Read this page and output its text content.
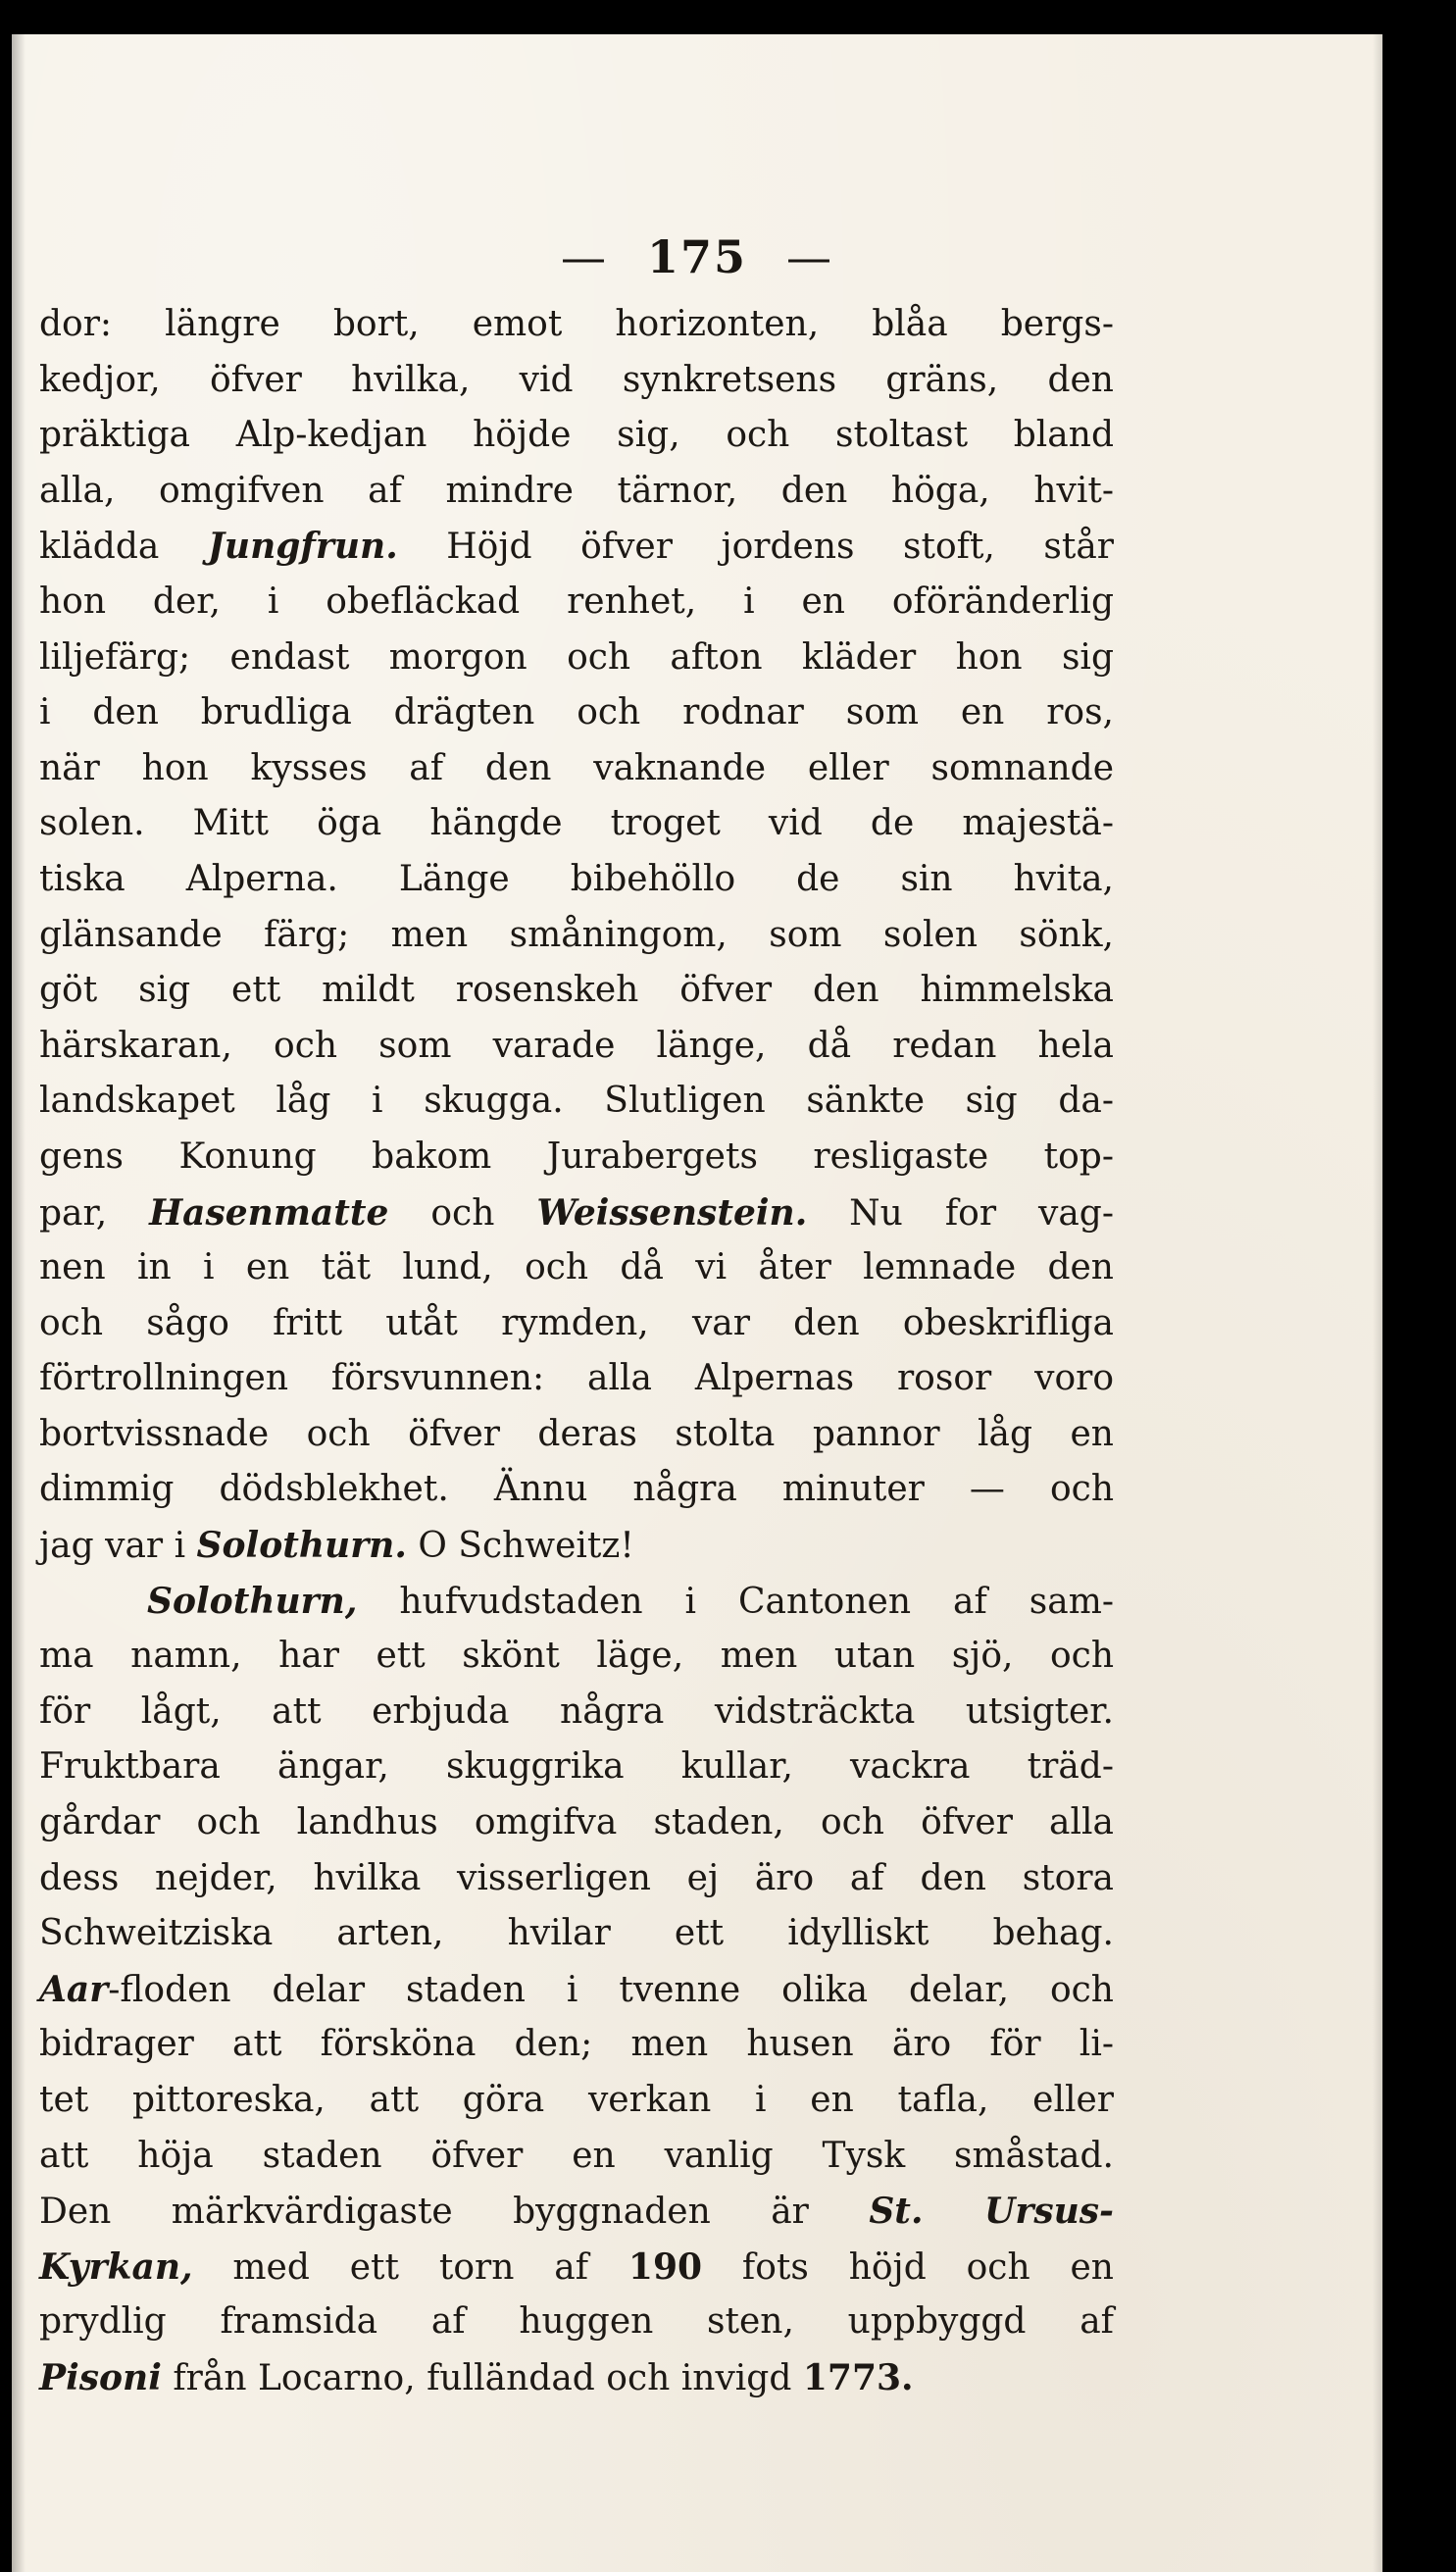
— 175 —
dor: längre bort, emot horizonten, blåa bergs-
kedjor, öfver hvilka, vid synkretsens gräns, den
präktiga Alp-kedjan höjde sig, och stoltast bland
alla, omgifven af mindre tärnor, den höga, hvit-
klädda Jungfrun. Höjd öfver jordens stoft, står
hon der, i obefläckad renhet, i en oföränderlig
liljefärg; endast morgon och afton kläder hon sig
i den brudliga drägten och rodnar som en ros,
när hon kysses af den vaknande eller somnande
solen. Mitt öga hängde troget vid de majestä-
tiska Alperna. Länge bibehöllo de sin hvita,
glänsande färg; men småningom, som solen sönk,
göt sig ett mildt rosenskeh öfver den himmelska
härskaran, och som varade länge, då redan hela
landskapet låg i skugga. Slutligen sänkte sig da-
gens Konung bakom Jurabergets resligaste top-
par, Hasenmatte och Weissenstein. Nu for vag-
nen in i en tät lund, och då vi åter lemnade den
och sågo fritt utåt rymden, var den obeskrifliga
förtrollningen försvunnen: alla Alpernas rosor voro
bortvissnade och öfver deras stolta pannor låg en
dimmig dödsblekhet. Ännu några minuter — och
jag var i Solothurn. O Schweitz!
Solothurn, hufvudstaden i Cantonen af sam-
ma namn, har ett skönt läge, men utan sjö, och
för lågt, att erbjuda några vidsträckta utsigter.
Fruktbara ängar, skuggrika kullar, vackra träd-
gårdar och landhus omgifva staden, och öfver alla
dess nejder, hvilka visserligen ej äro af den stora
Schweitziska arten, hvilar ett idylliskt behag.
Aar-floden delar staden i tvenne olika delar, och
bidrager att försköna den; men husen äro för li-
tet pittoreska, att göra verkan i en tafla, eller
att höja staden öfver en vanlig Tysk småstad.
Den märkvärdigaste byggnaden är St. Ursus-
Kyrkan, med ett torn af 190 fots höjd och en
prydlig framsida af huggen sten, uppbyggd af
Pisoni från Locarno, fulländad och invigd 1773.
